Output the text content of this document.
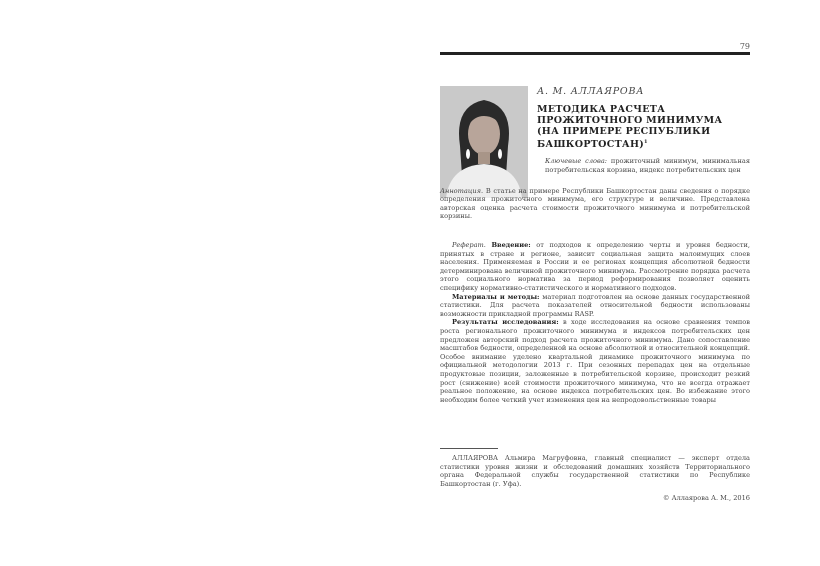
79
А. М. АЛЛАЯРОВА
МЕТОДИКА РАСЧЕТА ПРОЖИТОЧНОГО МИНИМУМА (НА ПРИМЕРЕ РЕСПУБЛИКИ БАШКОРТОСТАН)$^1$
Ключевые слова: прожиточный минимум, минимальная потребительская корзина, индекс потребительских цен
Аннотация. В статье на примере Республики Башкортостан даны сведения о порядке определения прожиточного минимума, его структуре и величине. Представлена авторская оценка расчета стоимости прожиточного минимума и потребительской корзины.

Реферат. Введение: от подходов к определению черты и уровня бедности, принятых в стране и регионе, зависит социальная защита малоимущих слоев населения. Применяемая в России и ее регионах концепция абсолютной бедности детерминирована величиной прожиточного минимума. Рассмотрение порядка расчета этого социального норматива за период реформирования позволяет оценить специфику нормативно-статистического и нормативного подходов.

Материалы и методы: материал подготовлен на основе данных государственной статистики. Для расчета показателей относительной бедности использованы возможности прикладной программы RASP.

Результаты исследования: в ходе исследования на основе сравнения темпов роста регионального прожиточного минимума и индексов потребительских цен предложен авторский подход расчета прожиточного минимума. Дано сопоставление масштабов бедности, определенной на основе абсолютной и относительной концепций. Особое внимание уделено квартальной динамике прожиточного минимума по официальной методологии 2013 г. При сезонных перепадах цен на отдельные продуктовые позиции, заложенные в потребительской корзине, происходит резкий рост (снижение) всей стоимости прожиточного минимума, что не всегда отражает реальное положение, на основе индекса потребительских цен. Во избежание этого необходим более четкий учет изменения цен на непродовольственные товары

АЛЛАЯРОВА Альмира Магруфовна, главный специалист — эксперт отдела статистики уровня жизни и обследований домашних хозяйств Территориального органа Федеральной службы государственной статистики по Республике Башкортостан (г. Уфа).
© Аллаярова А. М., 2016
